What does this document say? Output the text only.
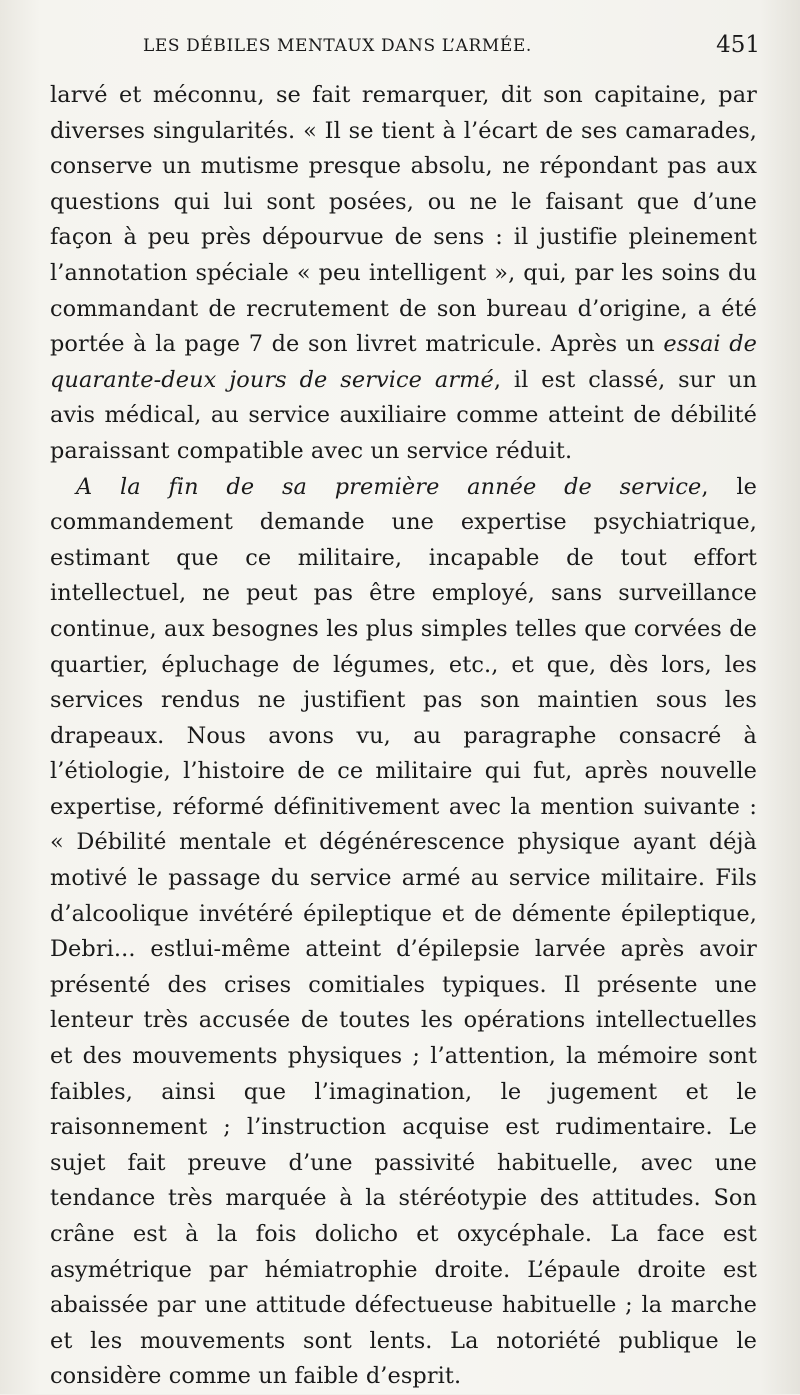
LES DÉBILES MENTAUX DANS L’ARMÉE.	451

larvé et méconnu, se fait remarquer, dit son capitaine, par diverses singularités. « Il se tient à l’écart de ses camarades, conserve un mutisme presque absolu, ne répondant pas aux questions qui lui sont posées, ou ne le faisant que d’une façon à peu près dépourvue de sens : il justifie pleinement l’annotation spéciale « peu intelligent », qui, par les soins du commandant de recrutement de son bureau d’origine, a été portée à la page 7 de son livret matricule. Après un essai de quarante-deux jours de service armé, il est classé, sur un avis médical, au service auxiliaire comme atteint de débilité paraissant compatible avec un service réduit.

A la fin de sa première année de service, le commandement demande une expertise psychiatrique, estimant que ce militaire, incapable de tout effort intellectuel, ne peut pas être employé, sans surveillance continue, aux besognes les plus simples telles que corvées de quartier, épluchage de légumes, etc., et que, dès lors, les services rendus ne justifient pas son maintien sous les drapeaux. Nous avons vu, au paragraphe consacré à l’étiologie, l’histoire de ce militaire qui fut, après nouvelle expertise, réformé définitivement avec la mention suivante : « Débilité mentale et dégénérescence physique ayant déjà motivé le passage du service armé au service militaire. Fils d’alcoolique invétéré épileptique et de démente épileptique, Debri... estlui-même atteint d’épilepsie larvée après avoir présenté des crises comitiales typiques. Il présente une lenteur très accusée de toutes les opérations intellectuelles et des mouvements physiques ; l’attention, la mémoire sont faibles, ainsi que l’imagination, le jugement et le raisonnement ; l’instruction acquise est rudimentaire. Le sujet fait preuve d’une passivité habituelle, avec une tendance très marquée à la stéréotypie des attitudes. Son crâne est à la fois dolicho et oxycéphale. La face est asymétrique par hémiatrophie droite. L’épaule droite est abaissée par une attitude défectueuse habituelle ; la marche et les mouvements sont lents. La notoriété publique le considère comme un faible d’esprit.
